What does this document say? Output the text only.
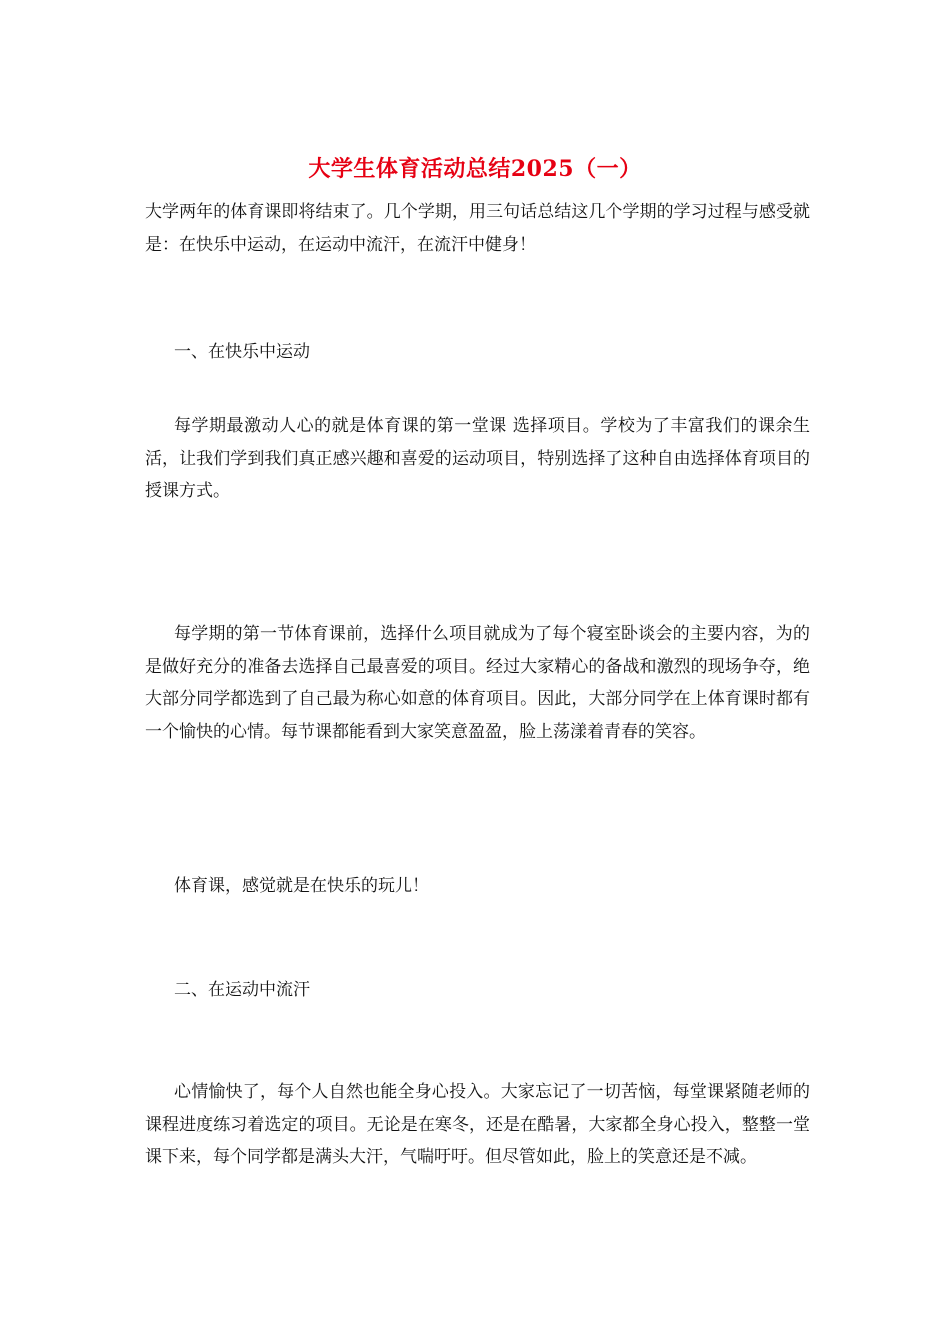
大学生体育活动总结2025（一）

大学两年的体育课即将结束了。几个学期，用三句话总结这几个学期的学习过程与感受就是：在快乐中运动，在运动中流汗，在流汗中健身！

一、在快乐中运动

每学期最激动人心的就是体育课的第一堂课 选择项目。学校为了丰富我们的课余生活，让我们学到我们真正感兴趣和喜爱的运动项目，特别选择了这种自由选择体育项目的授课方式。

每学期的第一节体育课前，选择什么项目就成为了每个寝室卧谈会的主要内容，为的是做好充分的准备去选择自己最喜爱的项目。经过大家精心的备战和激烈的现场争夺，绝大部分同学都选到了自己最为称心如意的体育项目。因此，大部分同学在上体育课时都有一个愉快的心情。每节课都能看到大家笑意盈盈，脸上荡漾着青春的笑容。

体育课，感觉就是在快乐的玩儿！

二、在运动中流汗

心情愉快了，每个人自然也能全身心投入。大家忘记了一切苦恼，每堂课紧随老师的课程进度练习着选定的项目。无论是在寒冬，还是在酷暑，大家都全身心投入，整整一堂课下来，每个同学都是满头大汗，气喘吁吁。但尽管如此，脸上的笑意还是不减。
